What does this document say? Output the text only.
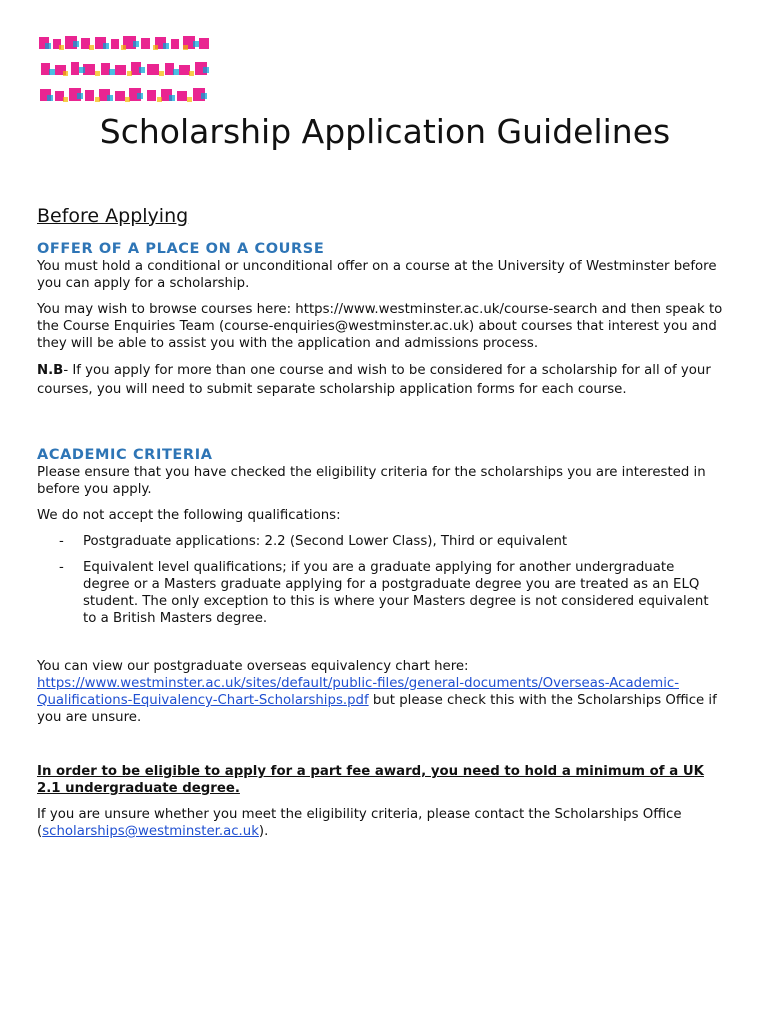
Scholarship Application Guidelines
Before Applying
OFFER OF A PLACE ON A COURSE

You must hold a conditional or unconditional offer on a course at the University of Westminster before you can apply for a scholarship.

You may wish to browse courses here: https://www.westminster.ac.uk/course-search and then speak to the Course Enquiries Team (course-enquiries@westminster.ac.uk) about courses that interest you and they will be able to assist you with the application and admissions process.

N.B- If you apply for more than one course and wish to be considered for a scholarship for all of your courses, you will need to submit separate scholarship application forms for each course.

ACADEMIC CRITERIA

Please ensure that you have checked the eligibility criteria for the scholarships you are interested in before you apply.

We do not accept the following qualifications:

- Postgraduate applications: 2.2 (Second Lower Class), Third or equivalent
- Equivalent level qualifications; if you are a graduate applying for another undergraduate degree or a Masters graduate applying for a postgraduate degree you are treated as an ELQ student. The only exception to this is where your Masters degree is not considered equivalent to a British Masters degree.

You can view our postgraduate overseas equivalency chart here:
https://www.westminster.ac.uk/sites/default/public-files/general-documents/Overseas-Academic-Qualifications-Equivalency-Chart-Scholarships.pdf but please check this with the Scholarships Office if you are unsure.

In order to be eligible to apply for a part fee award, you need to hold a minimum of a UK 2.1 undergraduate degree.

If you are unsure whether you meet the eligibility criteria, please contact the Scholarships Office (scholarships@westminster.ac.uk).
